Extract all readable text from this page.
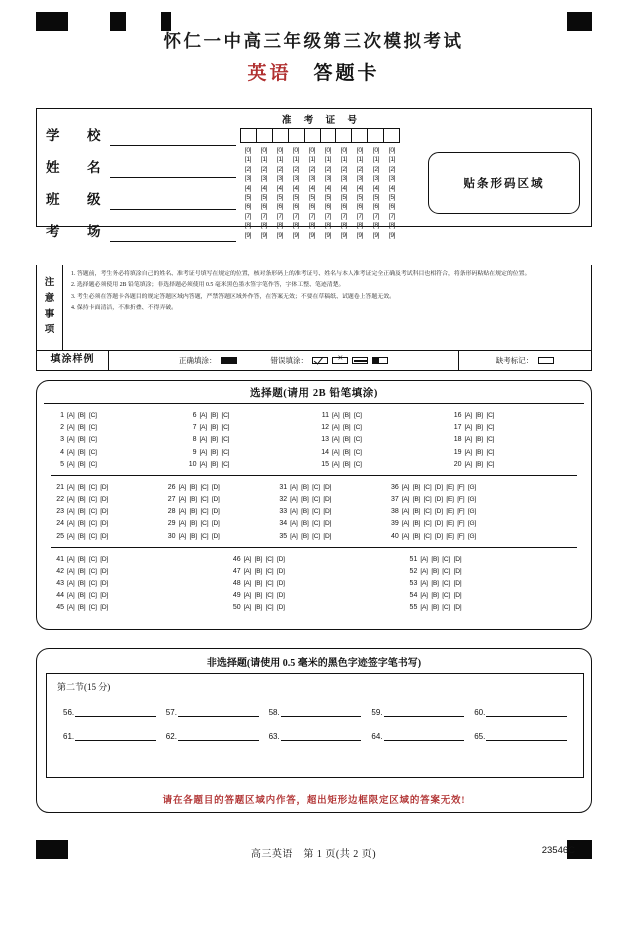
怀仁一中高三年级第三次模拟考试
英语 答题卡
学　校
姓　名
班　级
考　场
准 考 证 号
[0]	[0]	[0]	[0]	[0]	[0]	[0]	[0]	[0]	[0]
[1]	[1]	[1]	[1]	[1]	[1]	[1]	[1]	[1]	[1]
[2]	[2]	[2]	[2]	[2]	[2]	[2]	[2]	[2]	[2]
[3]	[3]	[3]	[3]	[3]	[3]	[3]	[3]	[3]	[3]
[4]	[4]	[4]	[4]	[4]	[4]	[4]	[4]	[4]	[4]
[5]	[5]	[5]	[5]	[5]	[5]	[5]	[5]	[5]	[5]
[6]	[6]	[6]	[6]	[6]	[6]	[6]	[6]	[6]	[6]
[7]	[7]	[7]	[7]	[7]	[7]	[7]	[7]	[7]	[7]
[8]	[8]	[8]	[8]	[8]	[8]	[8]	[8]	[8]	[8]
[9]	[9]	[9]	[9]	[9]	[9]	[9]	[9]	[9]	[9]
贴条形码区域
注
意
事
项
1. 答题前，考生务必将填涂自己的姓名、准考证号填写在规定的位置，核对条形码上的准考证号、姓名与本人准考证完全正确及考试科目也相符合，将条形码粘贴在规定的位置。
2. 选择题必须使用 2B 铅笔填涂；非选择题必须使用 0.5 毫米黑色墨水签字笔作答，字体工整、笔迹清楚。
3. 考生必须在答题卡各题目的规定答题区域内答题，严禁答题区域外作答，在答案无效；不要在草稿纸、试题卷上答题无效。
4. 保持卡面清洁，不准折叠、不得弄破。
填涂样例	正确填涂：	错误填涂： ×	缺考标记：
选择题(请用 2B 铅笔填涂)
1 [A] [B] [C]
2 [A] [B] [C]
3 [A] [B] [C]
4 [A] [B] [C]
5 [A] [B] [C]
6 [A] [B] [C]
7 [A] [B] [C]
8 [A] [B] [C]
9 [A] [B] [C]
10 [A] [B] [C]
11 [A] [B] [C]
12 [A] [B] [C]
13 [A] [B] [C]
14 [A] [B] [C]
15 [A] [B] [C]
16 [A] [B] [C]
17 [A] [B] [C]
18 [A] [B] [C]
19 [A] [B] [C]
20 [A] [B] [C]
21 [A] [B] [C] [D]
22 [A] [B] [C] [D]
23 [A] [B] [C] [D]
24 [A] [B] [C] [D]
25 [A] [B] [C] [D]
26 [A] [B] [C] [D]
27 [A] [B] [C] [D]
28 [A] [B] [C] [D]
29 [A] [B] [C] [D]
30 [A] [B] [C] [D]
31 [A] [B] [C] [D]
32 [A] [B] [C] [D]
33 [A] [B] [C] [D]
34 [A] [B] [C] [D]
35 [A] [B] [C] [D]
36 [A] [B] [C] [D] [E] [F] [G]
37 [A] [B] [C] [D] [E] [F] [G]
38 [A] [B] [C] [D] [E] [F] [G]
39 [A] [B] [C] [D] [E] [F] [G]
40 [A] [B] [C] [D] [E] [F] [G]
41 [A] [B] [C] [D]
42 [A] [B] [C] [D]
43 [A] [B] [C] [D]
44 [A] [B] [C] [D]
45 [A] [B] [C] [D]
46 [A] [B] [C] [D]
47 [A] [B] [C] [D]
48 [A] [B] [C] [D]
49 [A] [B] [C] [D]
50 [A] [B] [C] [D]
51 [A] [B] [C] [D]
52 [A] [B] [C] [D]
53 [A] [B] [C] [D]
54 [A] [B] [C] [D]
55 [A] [B] [C] [D]
非选择题(请使用 0.5 毫米的黑色字迹签字笔书写)
第二节(15 分)
56.	57.	58.	59.	60.
61.	62.	63.	64.	65.
请在各题目的答题区域内作答，超出矩形边框限定区域的答案无效!
高三英语　第 1 页(共 2 页)	23546C
